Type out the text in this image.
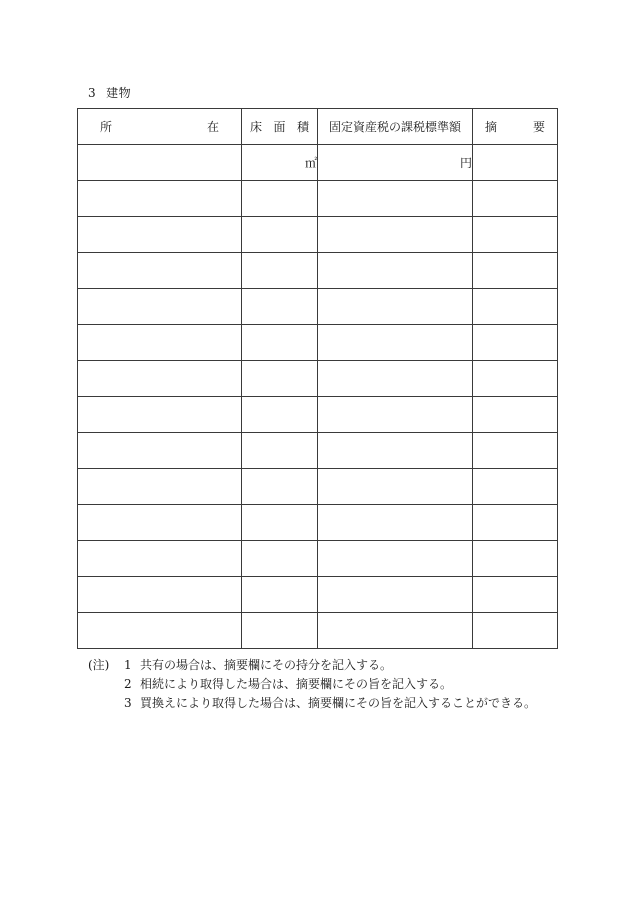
3 建物
所 在	床 面 積	固定資産税の課税標準額	摘 要

	㎡	円	

(注)	1 共有の場合は、摘要欄にその持分を記入する。
2 相続により取得した場合は、摘要欄にその旨を記入する。
3 買換えにより取得した場合は、摘要欄にその旨を記入することができる。
